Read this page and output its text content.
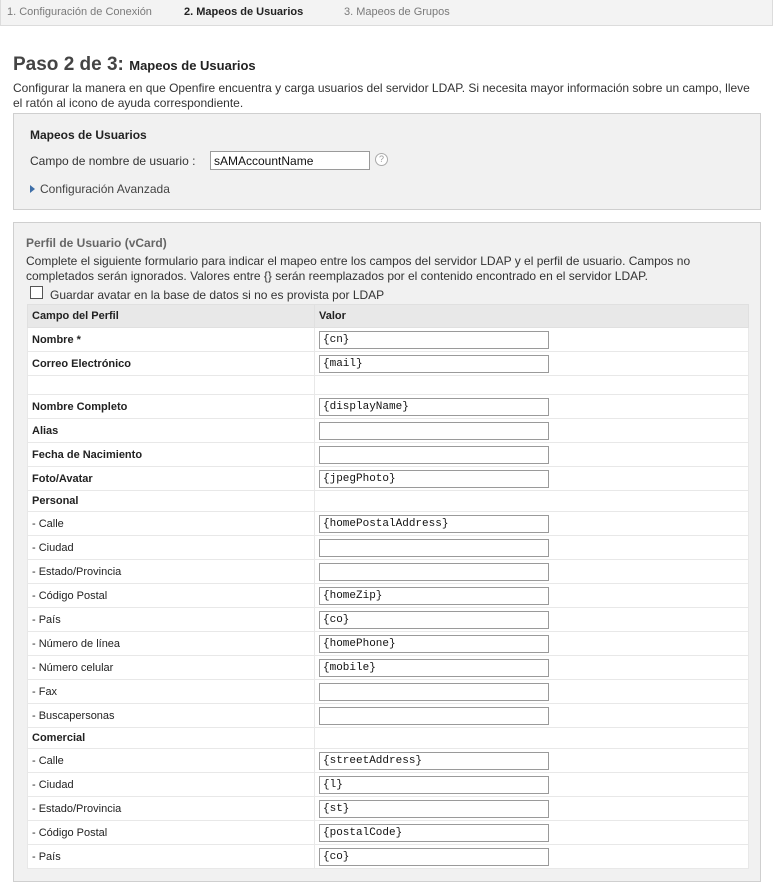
1. Configuración de Conexión	2. Mapeos de Usuarios	3. Mapeos de Grupos
Paso 2 de 3: Mapeos de Usuarios
Configurar la manera en que Openfire encuentra y carga usuarios del servidor LDAP. Si necesita mayor información sobre un campo, lleve el ratón al icono de ayuda correspondiente.
Mapeos de Usuarios
Campo de nombre de usuario :
sAMAccountName	?
Configuración Avanzada
Perfil de Usuario (vCard)
Complete el siguiente formulario para indicar el mapeo entre los campos del servidor LDAP y el perfil de usuario. Campos no completados serán ignorados. Valores entre {} serán reemplazados por el contenido encontrado en el servidor LDAP.
Guardar avatar en la base de datos si no es provista por LDAP
Campo del Perfil	Valor
Nombre *	{cn}
Correo Electrónico	{mail}

Nombre Completo	{displayName}
Alias	
Fecha de Nacimiento	
Foto/Avatar	{jpegPhoto}
Personal	
- Calle	{homePostalAddress}
- Ciudad	
- Estado/Provincia	
- Código Postal	{homeZip}
- País	{co}
- Número de línea	{homePhone}
- Número celular	{mobile}
- Fax	
- Buscapersonas	
Comercial	
- Calle	{streetAddress}
- Ciudad	{l}
- Estado/Provincia	{st}
- Código Postal	{postalCode}
- País	{co}
